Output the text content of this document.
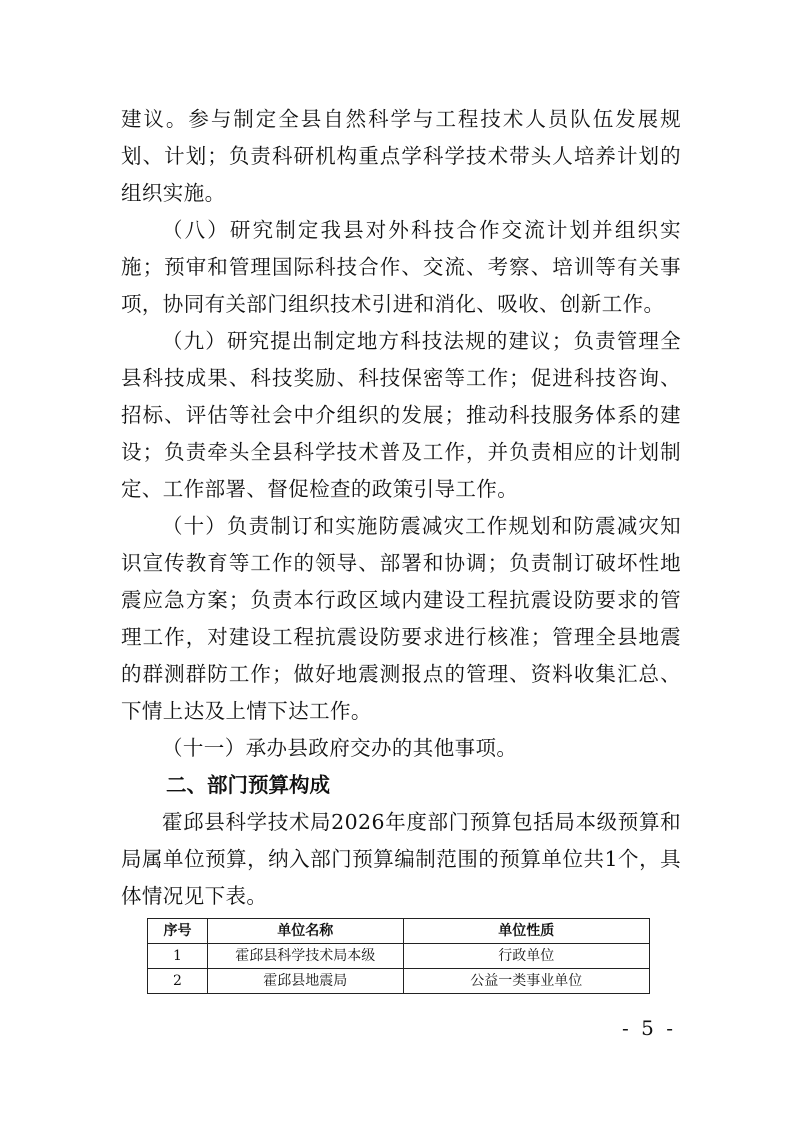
建议。参与制定全县自然科学与工程技术人员队伍发展规划、计划；负责科研机构重点学科学技术带头人培养计划的组织实施。

（八）研究制定我县对外科技合作交流计划并组织实施；预审和管理国际科技合作、交流、考察、培训等有关事项，协同有关部门组织技术引进和消化、吸收、创新工作。

（九）研究提出制定地方科技法规的建议；负责管理全县科技成果、科技奖励、科技保密等工作；促进科技咨询、招标、评估等社会中介组织的发展；推动科技服务体系的建设；负责牵头全县科学技术普及工作，并负责相应的计划制定、工作部署、督促检查的政策引导工作。

（十）负责制订和实施防震减灾工作规划和防震减灾知识宣传教育等工作的领导、部署和协调；负责制订破坏性地震应急方案；负责本行政区域内建设工程抗震设防要求的管理工作，对建设工程抗震设防要求进行核准；管理全县地震的群测群防工作；做好地震测报点的管理、资料收集汇总、下情上达及上情下达工作。

（十一）承办县政府交办的其他事项。

二、部门预算构成

霍邱县科学技术局2026年度部门预算包括局本级预算和局属单位预算，纳入部门预算编制范围的预算单位共1个，具体情况见下表。

序号	单位名称	单位性质
1	霍邱县科学技术局本级	行政单位
2	霍邱县地震局	公益一类事业单位
- 5 -
